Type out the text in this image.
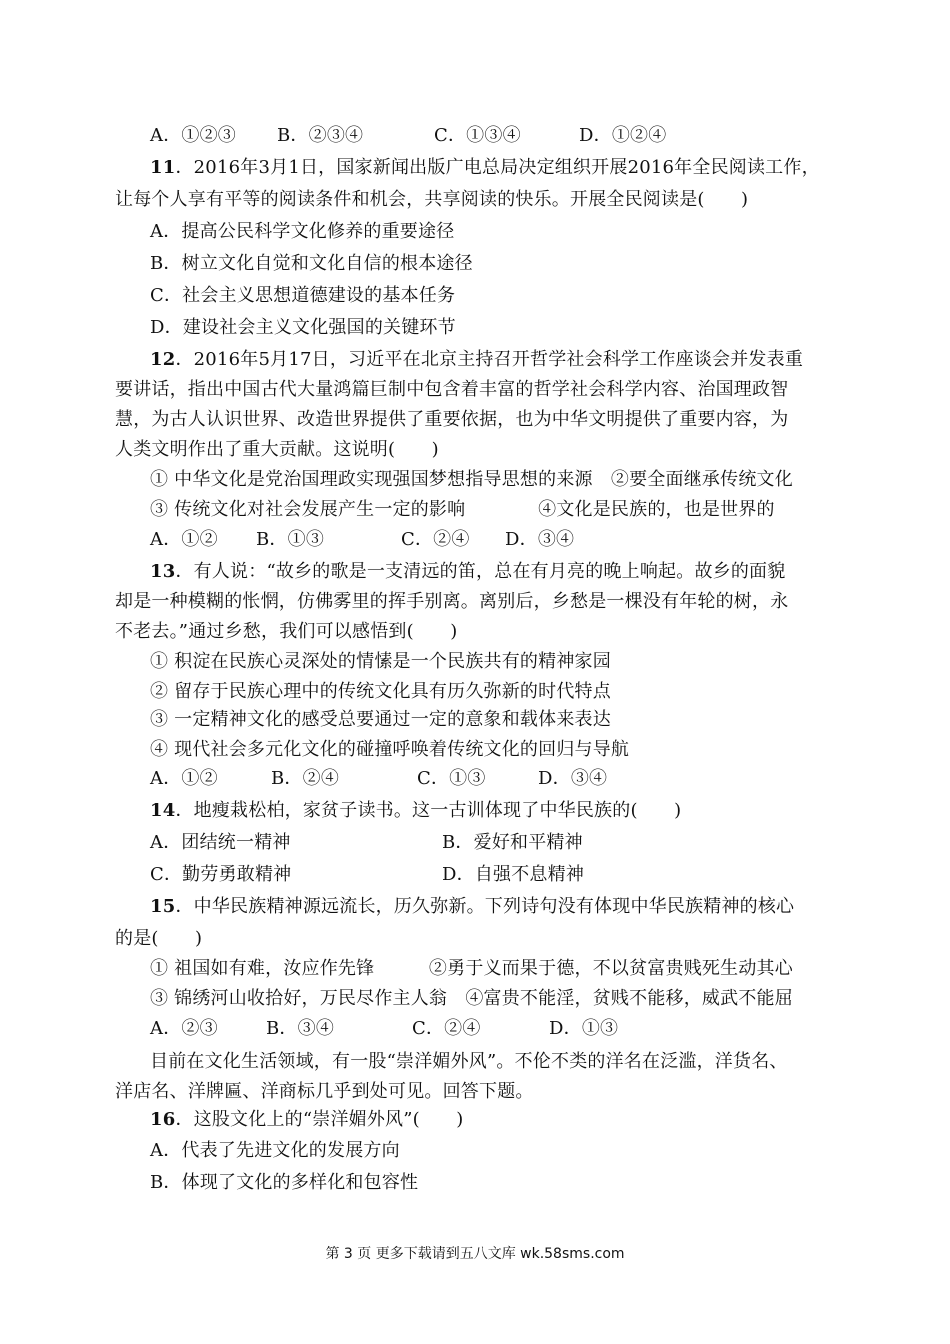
A．①②③ B．②③④	C．①③④	D．①②④
11．2016年3月1日，国家新闻出版广电总局决定组织开展2016年全民阅读工作，
让每个人享有平等的阅读条件和机会，共享阅读的快乐。开展全民阅读是(　　)
A．提高公民科学文化修养的重要途径
B．树立文化自觉和文化自信的根本途径
C．社会主义思想道德建设的基本任务
D．建设社会主义文化强国的关键环节
12．2016年5月17日，习近平在北京主持召开哲学社会科学工作座谈会并发表重
要讲话，指出中国古代大量鸿篇巨制中包含着丰富的哲学社会科学内容、治国理政智
慧，为古人认识世界、改造世界提供了重要依据，也为中华文明提供了重要内容，为
人类文明作出了重大贡献。这说明(　　)
① 中华文化是党治国理政实现强国梦想指导思想的来源　②要全面继承传统文化
③ 传统文化对社会发展产生一定的影响　　　　④文化是民族的，也是世界的
A．①② B．①③	C．②④ D．③④
13．有人说：“故乡的歌是一支清远的笛，总在有月亮的晚上响起。故乡的面貌
却是一种模糊的怅惘，仿佛雾里的挥手别离。离别后，乡愁是一棵没有年轮的树，永
不老去。”通过乡愁，我们可以感悟到(　　)
① 积淀在民族心灵深处的情愫是一个民族共有的精神家园
② 留存于民族心理中的传统文化具有历久弥新的时代特点
③ 一定精神文化的感受总要通过一定的意象和载体来表达
④ 现代社会多元化文化的碰撞呼唤着传统文化的回归与导航
A．①②	B．②④	C．①③	D．③④
14．地瘦栽松柏，家贫子读书。这一古训体现了中华民族的(　　)
A．团结统一精神	B．爱好和平精神
C．勤劳勇敢精神	D．自强不息精神
15．中华民族精神源远流长，历久弥新。下列诗句没有体现中华民族精神的核心
的是(　　)
① 祖国如有难，汝应作先锋　　　②勇于义而果于德，不以贫富贵贱死生动其心
③ 锦绣河山收拾好，万民尽作主人翁　④富贵不能淫，贫贱不能移，威武不能屈
A．②③	B．③④	C．②④	D．①③
目前在文化生活领域，有一股“崇洋媚外风”。不伦不类的洋名在泛滥，洋货名、
洋店名、洋牌匾、洋商标几乎到处可见。回答下题。
16．这股文化上的“崇洋媚外风”(　　)
A．代表了先进文化的发展方向
B．体现了文化的多样化和包容性
第 3 页 更多下载请到五八文库 wk.58sms.com
